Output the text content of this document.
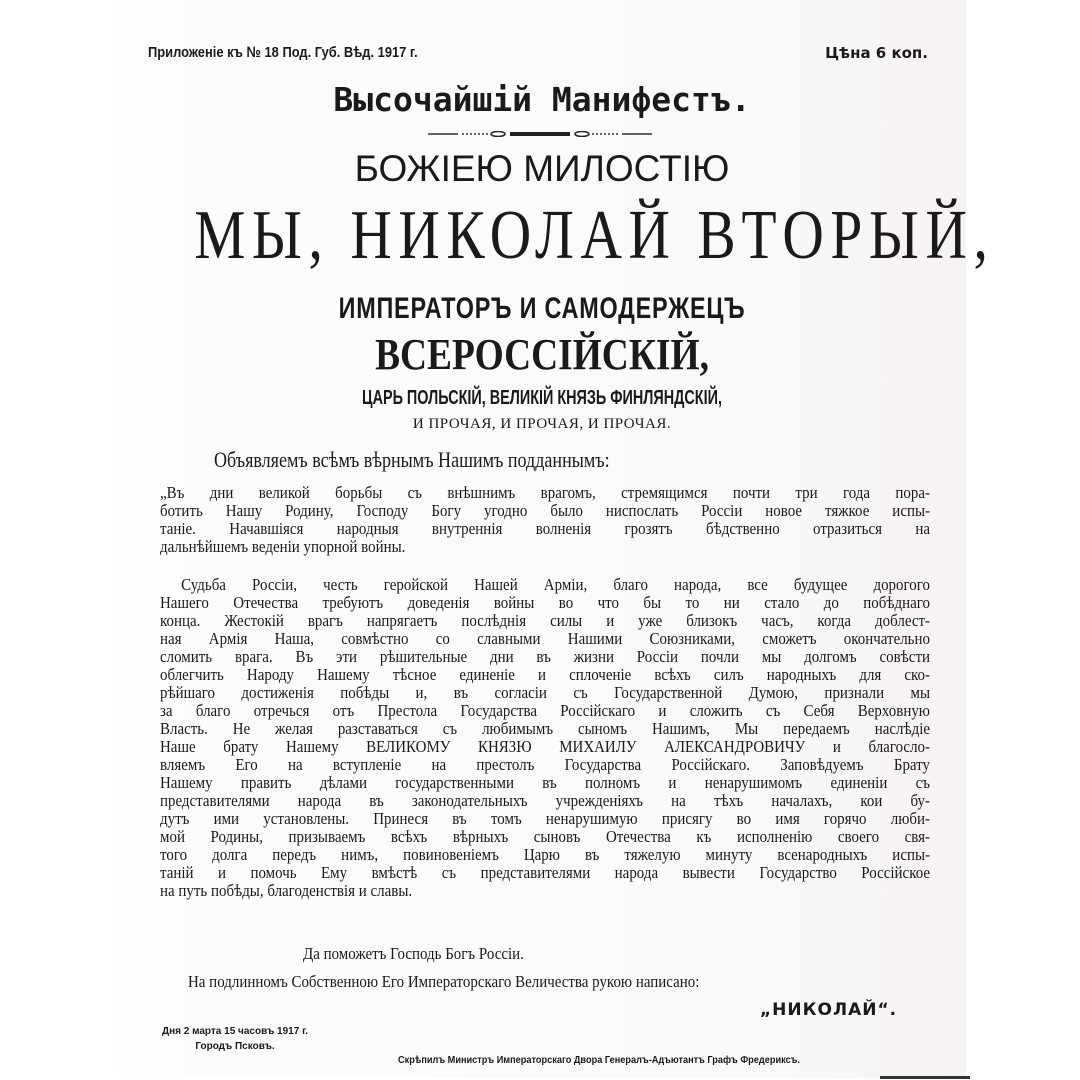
Приложенiе къ № 18 Под. Губ. Вѣд. 1917 г.	Цѣна 6 коп.
Высочайшій Манифестъ.
БОЖІЕЮ МИЛОСТІЮ
МЫ, НИКОЛАЙ ВТОРЫЙ,
ИМПЕРАТОРЪ И САМОДЕРЖЕЦЪ
ВСЕРОССІЙСКІЙ,
ЦАРЬ ПОЛЬСКІЙ, ВЕЛИКІЙ КНЯЗЬ ФИНЛЯНДСКІЙ,
И ПРОЧАЯ, И ПРОЧАЯ, И ПРОЧАЯ.
Объявляемъ всѣмъ вѣрнымъ Нашимъ подданнымъ:
„Въ дни великой борьбы съ внѣшнимъ врагомъ, стремящимся почти три года пора-
ботить Нашу Родину, Господу Богу угодно было ниспослать Россіи новое тяжкое испы-
таніе. Начавшіяся народныя внутреннія волненія грозятъ бѣдственно отразиться на
дальнѣйшемъ веденіи упорной войны.
Судьба Россіи, честь геройской Нашей Арміи, благо народа, все будущее дорогого
Нашего Отечества требуютъ доведенія войны во что бы то ни стало до побѣднаго
конца. Жестокій врагъ напрягаетъ послѣднія силы и уже близокъ часъ, когда доблест-
ная Армія Наша, совмѣстно со славными Нашими Союзниками, сможетъ окончательно
сломить врага. Въ эти рѣшительные дни въ жизни Россіи почли мы долгомъ совѣсти
облегчить Народу Нашему тѣсное единеніе и сплоченіе всѣхъ силъ народныхъ для ско-
рѣйшаго достиженія побѣды и, въ согласіи съ Государственной Думою, признали мы
за благо отречься отъ Престола Государства Россійскаго и сложить съ Себя Верховную
Власть. Не желая разставаться съ любимымъ сыномъ Нашимъ, Мы передаемъ наслѣдіе
Наше брату Нашему ВЕЛИКОМУ КНЯЗЮ МИХАИЛУ АЛЕКСАНДРОВИЧУ и благосло-
вляемъ Его на вступленіе на престолъ Государства Россійскаго. Заповѣдуемъ Брату
Нашему править дѣлами государственными въ полномъ и ненарушимомъ единеніи съ
представителями народа въ законодательныхъ учрежденіяхъ на тѣхъ началахъ, кои бу-
дутъ ими установлены. Принеся въ томъ ненарушимую присягу во имя горячо люби-
мой Родины, призываемъ всѣхъ вѣрныхъ сыновъ Отечества къ исполненію своего свя-
того долга передъ нимъ, повиновеніемъ Царю въ тяжелую минуту всенародныхъ испы-
таній и помочь Ему вмѣстѣ съ представителями народа вывести Государство Россійское
на путь побѣды, благоденствія и славы.
Да поможетъ Господь Богъ Россіи.
На подлинномъ Собственною Его Императорскаго Величества рукою написано:
„НИКОЛАЙ“.
Дня 2 марта 15 часовъ 1917 г.
Городъ Псковъ.
Скрѣпилъ Министръ Императорскаго Двора Генералъ-Адъютантъ Графъ Фредериксъ.
